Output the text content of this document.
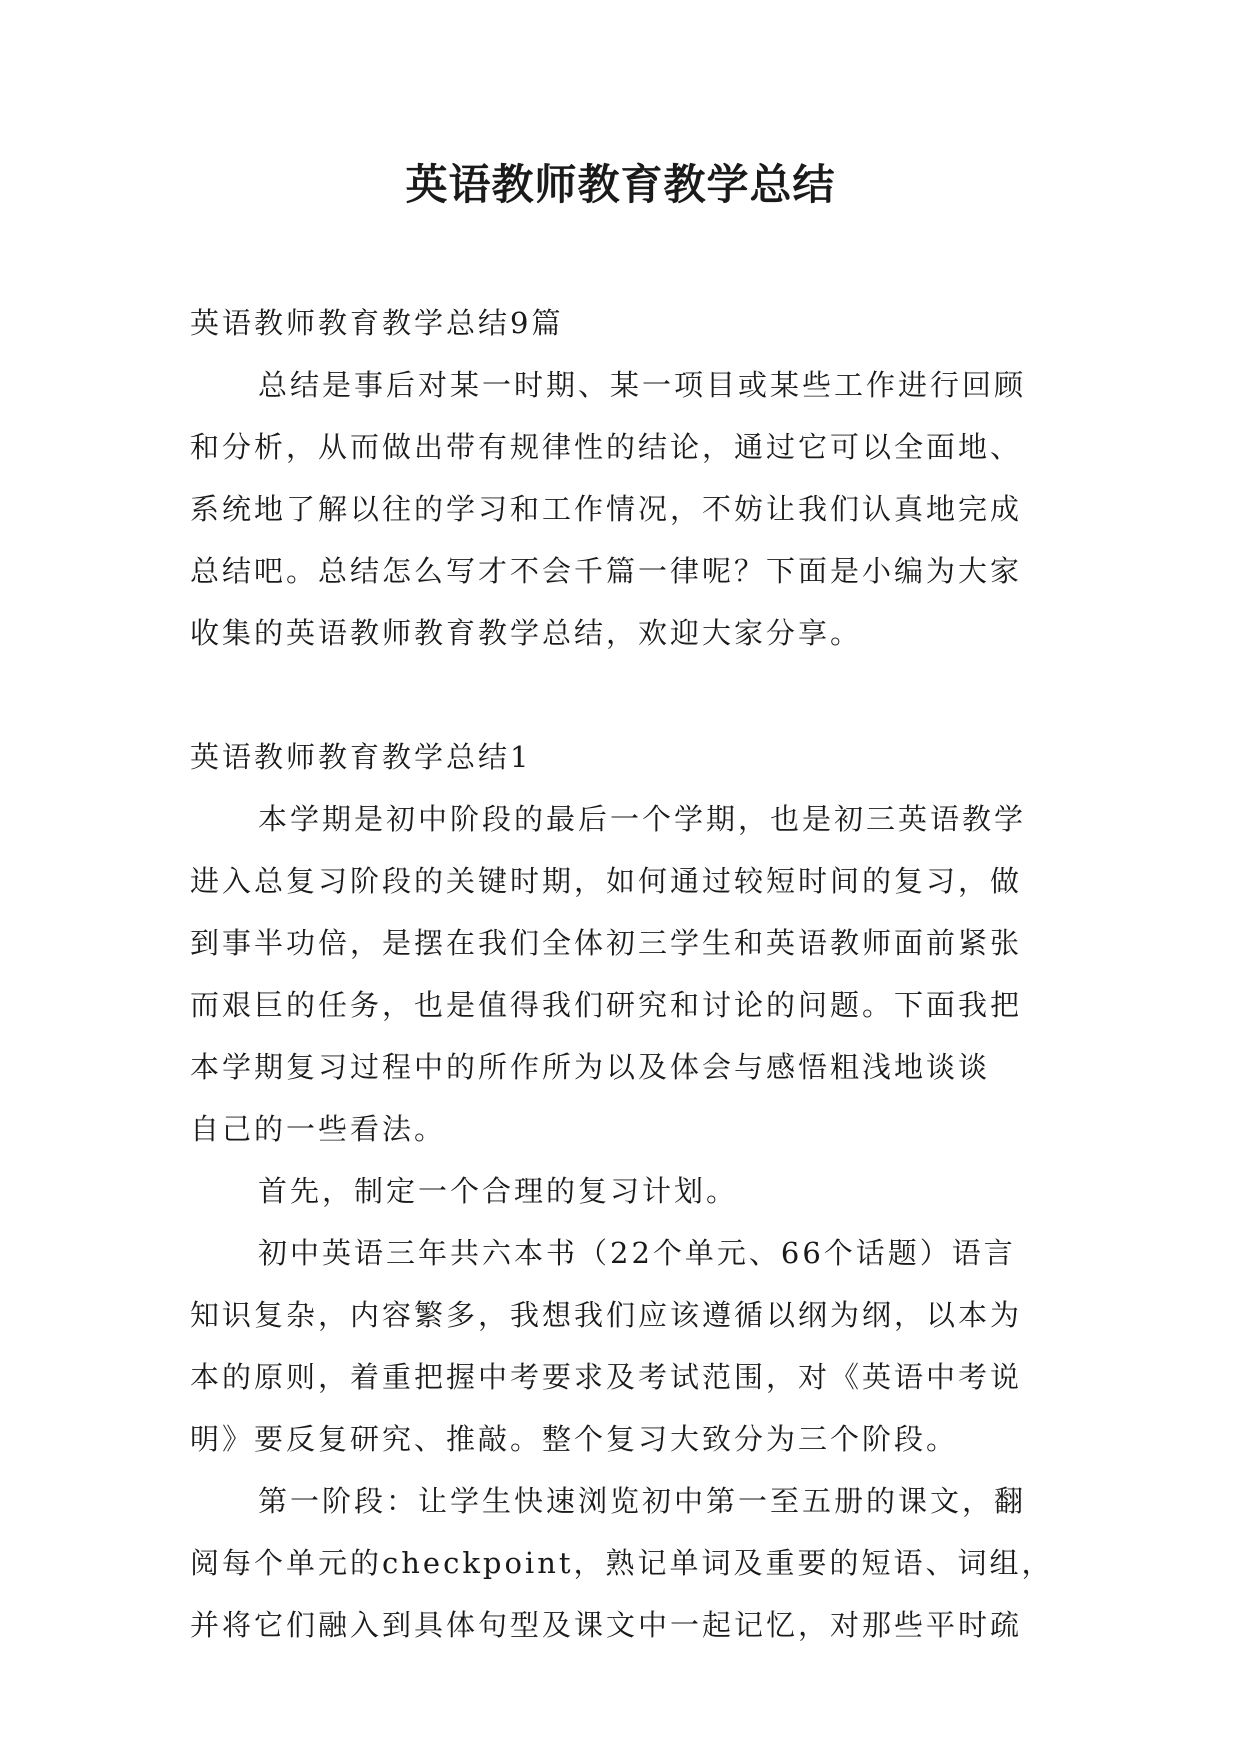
英语教师教育教学总结
英语教师教育教学总结9篇
总结是事后对某一时期、某一项目或某些工作进行回顾
和分析，从而做出带有规律性的结论，通过它可以全面地、
系统地了解以往的学习和工作情况，不妨让我们认真地完成
总结吧。总结怎么写才不会千篇一律呢？下面是小编为大家
收集的英语教师教育教学总结，欢迎大家分享。
英语教师教育教学总结1
本学期是初中阶段的最后一个学期，也是初三英语教学
进入总复习阶段的关键时期，如何通过较短时间的复习，做
到事半功倍，是摆在我们全体初三学生和英语教师面前紧张
而艰巨的任务，也是值得我们研究和讨论的问题。下面我把
本学期复习过程中的所作所为以及体会与感悟粗浅地谈谈
自己的一些看法。
首先，制定一个合理的复习计划。
初中英语三年共六本书（22个单元、66个话题）语言
知识复杂，内容繁多，我想我们应该遵循以纲为纲，以本为
本的原则，着重把握中考要求及考试范围，对《英语中考说
明》要反复研究、推敲。整个复习大致分为三个阶段。
第一阶段：让学生快速浏览初中第一至五册的课文，翻
阅每个单元的checkpoint，熟记单词及重要的短语、词组，
并将它们融入到具体句型及课文中一起记忆，对那些平时疏
